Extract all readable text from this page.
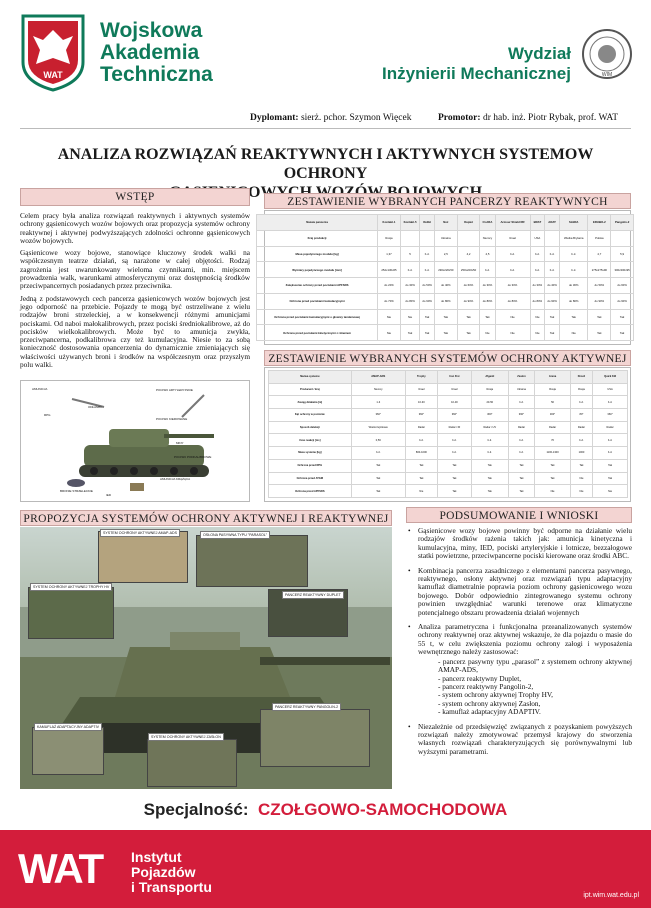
WAT
Wojskowa
Akademia
Techniczna
Wydział
Inżynierii Mechanicznej	WIM
Dyplomant: sierż. pchor. Szymon Więcek	Promotor: dr hab. inż. Piotr Rybak, prof. WAT
ANALIZA ROZWIĄZAŃ REAKTYWNYCH I AKTYWNYCH SYSTEMOW OCHRONY
WSTĘP

Celem pracy była analiza rozwiązań reaktywnych i aktywnych systemów ochrony gąsienicowych wozów bojowych oraz propozycja systemów ochrony reaktywnej i aktywnej podwyższających zdolności ochronne gąsienicowych wozów bojowych.

Gąsienicowe wozy bojowe, stanowiące kluczowy środek walki na współczesnym teatrze działań, są narażone w całej objętości. Rodzaj zagrożenia jest uwarunkowany wieloma czynnikami, min. miejscem prowadzenia walk, warunkami atmosferycznymi oraz dostępnością środków przeciwpancernych posiadanych przez przeciwnika.

Jedną z podstawowych cech pancerza gąsienicowych wozów bojowych jest jego odporność na przebicie. Pojazdy te mogą być ostrzeliwane z wielu rodzajów broni strzeleckiej, a w konsekwencji różnymi amunicjami pociskami. Od naboi małokalibrowych, przez pociski średniokalibrowe, aż do pocisków wielkokalibrowych. Może być to amunicja zwykła, przeciwpancerna, podkalibrowa czy też kumulacyjna. Niesie to za sobą konieczność dostosowania opancerzenia do dynamicznie zmieniających się właściwości używanych broni i środków na współczesnym oraz przyszłym polu walki.

AMUNICJA
ODŁAMKI
POCISKI ARTYLERYJSKIE
MINY
RPG
POCISKI KIEROWANE
AMUNICJA KRĄŻĄCA
POCISKI PODKALIBROWE
BRONIE STRZELECKIE
IED
ZESTAWIENIE WYBRANYCH PANCERZY REAKTYWNYCH
Nazwa pancerza	Kontakt-1	Kontakt-5	Relikt	Noż	Duplet	CLARA	Armour Shield RR	BRAT	ARAT	SLERA	ERAWA-2	Pangolin-2
Kraj produkcji	Rosja			Ukraina		Niemcy	Izrael	USA		Wielka Brytania	Polska	
Masa pojedynczego modułu [kg]	1,37	5	b.d.	2,5	4,2	4,5	b.d.	b.d.	b.d.	b.d.	4,7	5,9
Wymiary pojedynczego modułu [mm]	252x130x65	b.d.	b.d.	290x220x50	250x220x50	b.d.	b.d.	b.d.	b.d.	b.d.	275x275x90	300x300x95
Zwiększenie ochrony przed pociskami APFSDS	do 20%	do 30%	do 50%	do 40%	do 60%	do 30%	do 30%	do 30%	do 40%	do 30%	do 50%	do 60%
Ochrona przed pociskami kumulacyjnymi	do 70%	do 80%	do 90%	do 80%	do 90%	do 80%	do 80%	do 80%	do 90%	do 80%	do 90%	do 90%
Ochrona przed pociskami kumulacyjnymi o głowicy tandemowej	Nie	Nie	Tak	Tak	Tak	Tak	Nie	Nie	Tak	Tak	Tak	Tak
Ochrona przed pociskami kinetycznymi z rdzeniem	Nie	Tak	Tak	Tak	Tak	Nie	Nie	Nie	Tak	Nie	Tak	Tak
ZESTAWIENIE WYBRANYCH SYSTEMÓW OCHRONY AKTYWNEJ
Nazwa systemu	AMAP-ADS	Trophy	Iron Fist	Afganit	Zasłon	Arena	Drozd	Quick Kill
Producent / kraj	Niemcy	Izrael	Izrael	Rosja	Ukraina	Rosja	Rosja	USA
Zasięg działania [m]	1-3	10-30	10-30	20-50	b.d.	50	b.d.	b.d.
Kąt ochrony w poziomie	360°	360°	360°	360°	360°	300°	80°	360°
Sposób detekcji	Wieloczujnikowe	Radar	Radar i IR	Radar i UV	Radar	Radar	Radar	Radar
Czas reakcji [ms]	0,56	b.d.	b.d.	b.d.	b.d.	70	b.d.	b.d.
Masa systemu [kg]	b.d.	800-1000	b.d.	b.d.	b.d.	1100-1300	1000	b.d.
Ochrona przed RPG	Tak	Tak	Tak	Tak	Tak	Tak	Tak	Tak
Ochrona przed ATGM	Tak	Tak	Tak	Tak	Tak	Tak	Nie	Tak
Ochrona przed APFSDS	Tak	Nie	Tak	Tak	Tak	Nie	Nie	Nie
PROPOZYCJA SYSTEMÓW OCHRONY AKTYWNEJ I REAKTYWNEJ
SYSTEM OCHRONY AKTYWNEJ AMAP-ADS	OSŁONA PASYWNA TYPU "PARASOL"
SYSTEM OCHRONY AKTYWNEJ TROPHY HV
PANCERZ REAKTYWNY DUPLET
PANCERZ REAKTYWNY PANGOLIN-2
KAMUFLAŻ ADAPTACYJNY ADAPTIV
SYSTEM OCHRONY AKTYWNEJ ZASŁON
PODSUMOWANIE I WNIOSKI
• Gąsienicowe wozy bojowe powinny być odporne na działanie wielu rodzajów środków rażenia takich jak: amunicja kinetyczna i kumulacyjna, miny, IED, pociski artyleryjskie i lotnicze, bezzałogowe statki powietrzne, przeciwpancerne pociski kierowane oraz środki ABC.
• Kombinacja pancerza zasadniczego z elementami pancerza pasywnego, reaktywnego, osłony aktywnej oraz rozwiązań typu adaptacyjny kamuflaż diametralnie poprawia poziom ochrony gąsienicowego wozu bojowego. Dobór odpowiednio zintegrowanego systemu ochrony powinien uwzględniać warunki terenowe oraz klimatyczne potencjalnego obszaru prowadzenia działań wojennych
• Analiza parametryczna i funkcjonalna przeanalizowanych systemów ochrony reaktywnej oraz aktywnej wskazuje, że dla pojazdu o masie do 55 t, w celu zwiększenia poziomu ochrony załogi i wyposażenia wewnętrznego należy zastosować:
- pancerz pasywny typu „parasol” z systemem ochrony aktywnej AMAP-ADS,
- pancerz reaktywny Duplet,
- pancerz reaktywny Pangolin-2,
- system ochrony aktywnej Trophy HV,
- system ochrony aktywnej Zasłon,
- kamuflaż adaptacyjny ADAPTIV.
• Niezależnie od przedsięwzięć związanych z pozyskaniem powyższych rozwiązań należy zmotywować przemysł krajowy do stworzenia własnych rozwiązań charakteryzujących się porównywalnymi lub wyższymi parametrami.
Specjalność: CZOŁGOWO-SAMOCHODOWA
WAT Instytut
Pojazdów
i Transportu
ipt.wim.wat.edu.pl
